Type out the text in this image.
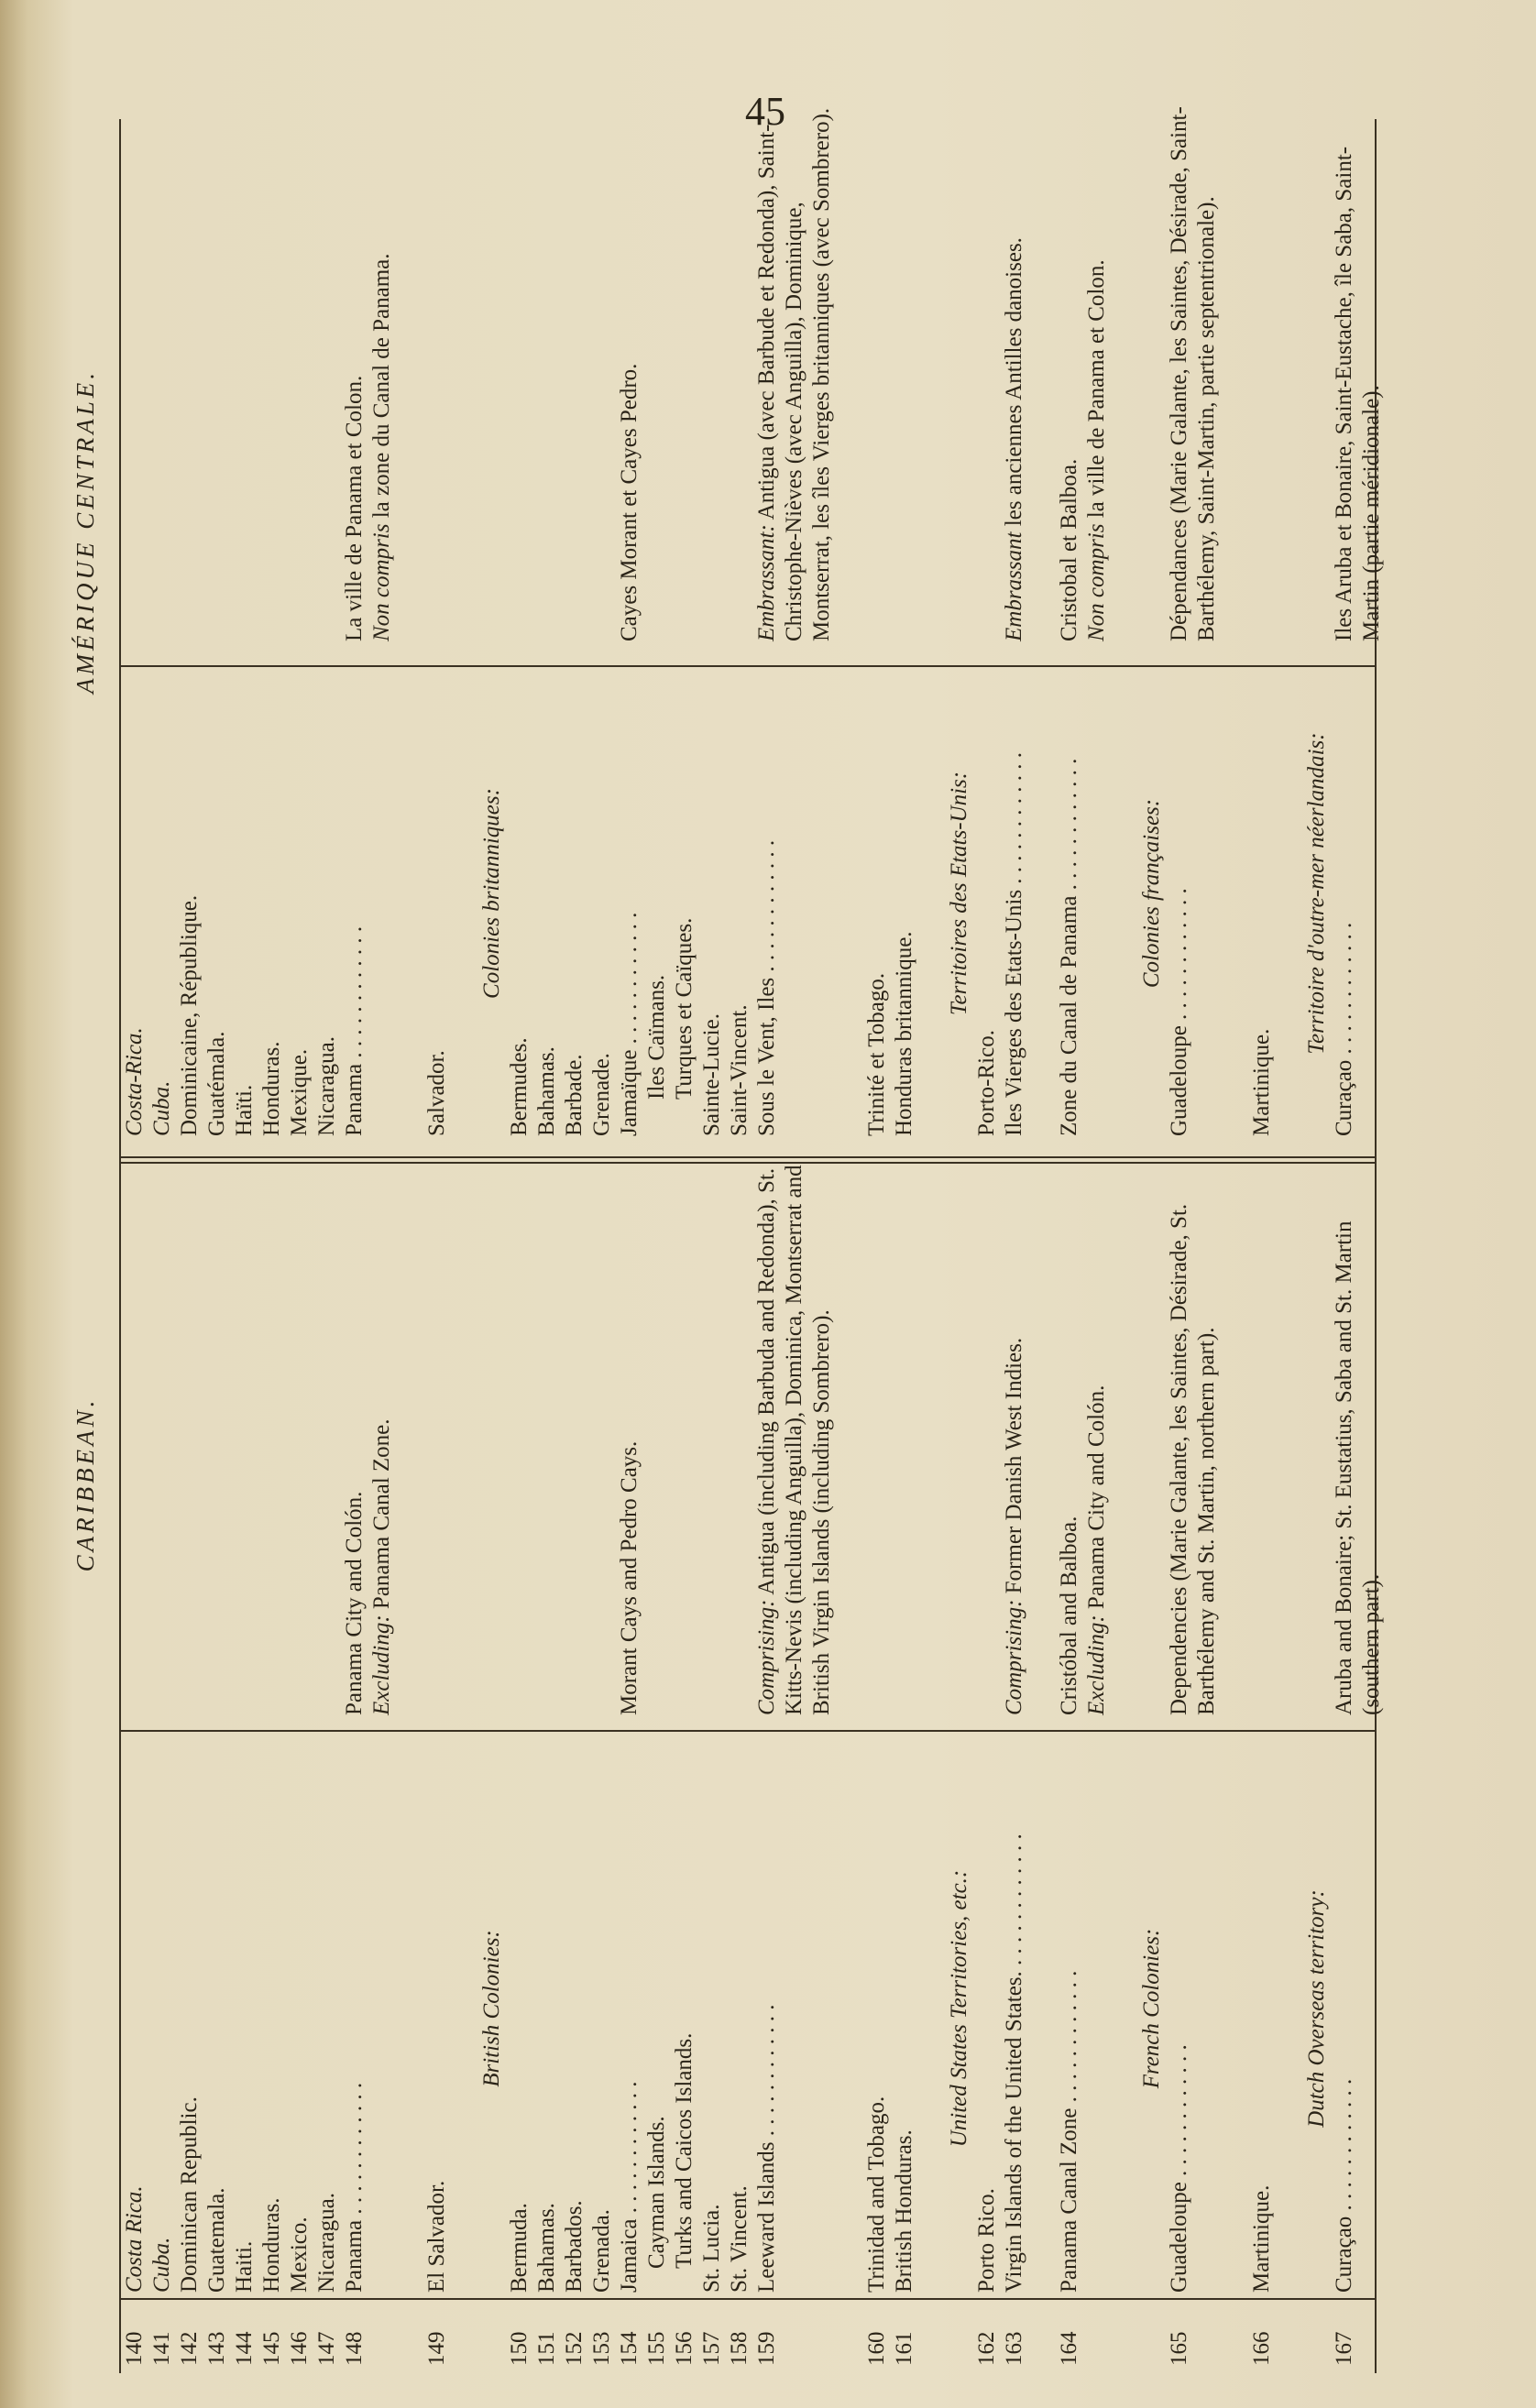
45
CARIBBEAN.
AMÉRIQUE CENTRALE.
140
Costa Rica.
Costa-Rica.
141
Cuba.
Cuba.
142
Dominican Republic.
Dominicaine, République.
143
Guatemala.
Guatémala.
144
Haiti.
Haïti.
145
Honduras.
Honduras.
146
Mexico.
Mexique.
147
Nicaragua.
Nicaragua.
148
Panama . . .
Panama City and Colón. Excluding: Panama Canal Zone.
Panama . . .
La ville de Panama et Colon. Non compris la zone du Canal de Panama.
149
El Salvador.
Salvador.
British Colonies:
Colonies britanniques:
150
Bermuda.
Bermudes.
151
Bahamas.
Bahamas.
152
Barbados.
Barbade.
153
Grenada.
Grenade.
154
Jamaica . . .
Morant Cays and Pedro Cays.
Jamaïque . . .
Cayes Morant et Cayes Pedro.
155
Cayman Islands.
Iles Caïmans.
156
Turks and Caicos Islands.
Turques et Caïques.
157
St. Lucia.
Sainte-Lucie.
158
St. Vincent.
Saint-Vincent.
159
Leeward Islands . . .
Comprising: Antigua (including Barbuda and Redonda), St. Kitts-Nevis (including Anguilla), Dominica, Montserrat and British Virgin Islands (including Sombrero).
Sous le Vent, Iles . . .
Embrassant: Antigua (avec Barbude et Redonda), Saint-Christophe-Nièves (avec Anguilla), Dominique, Montserrat, les îles Vierges britanniques (avec Sombrero).
160
Trinidad and Tobago.
Trinité et Tobago.
161
British Honduras.
Honduras britannique.
United States Territories, etc.:
Territoires des Etats-Unis:
162
Porto Rico.
Porto-Rico.
163
Virgin Islands of the United States. . . .
Comprising: Former Danish West Indies.
Iles Vierges des Etats-Unis . . .
Embrassant les anciennes Antilles danoises.
164
Panama Canal Zone . . .
Cristóbal and Balboa. Excluding: Panama City and Colón.
Zone du Canal de Panama . . .
Cristobal et Balboa. Non compris la ville de Panama et Colon.
French Colonies:
Colonies françaises:
165
Guadeloupe . . .
Dependencies (Marie Galante, les Saintes, Désirade, St. Barthélemy and St. Martin, northern part).
Guadeloupe . . .
Dépendances (Marie Galante, les Saintes, Désirade, Saint-Barthélemy, Saint-Martin, partie septentrionale).
166
Martinique.
Martinique.
Dutch Overseas territory:
Territoire d'outre-mer néerlandais:
167
Curaçao . . .
Aruba and Bonaire; St. Eustatius, Saba and St. Martin (southern part).
Curaçao . . .
Iles Aruba et Bonaire, Saint-Eustache, île Saba, Saint-Martin (partie méridionale).
